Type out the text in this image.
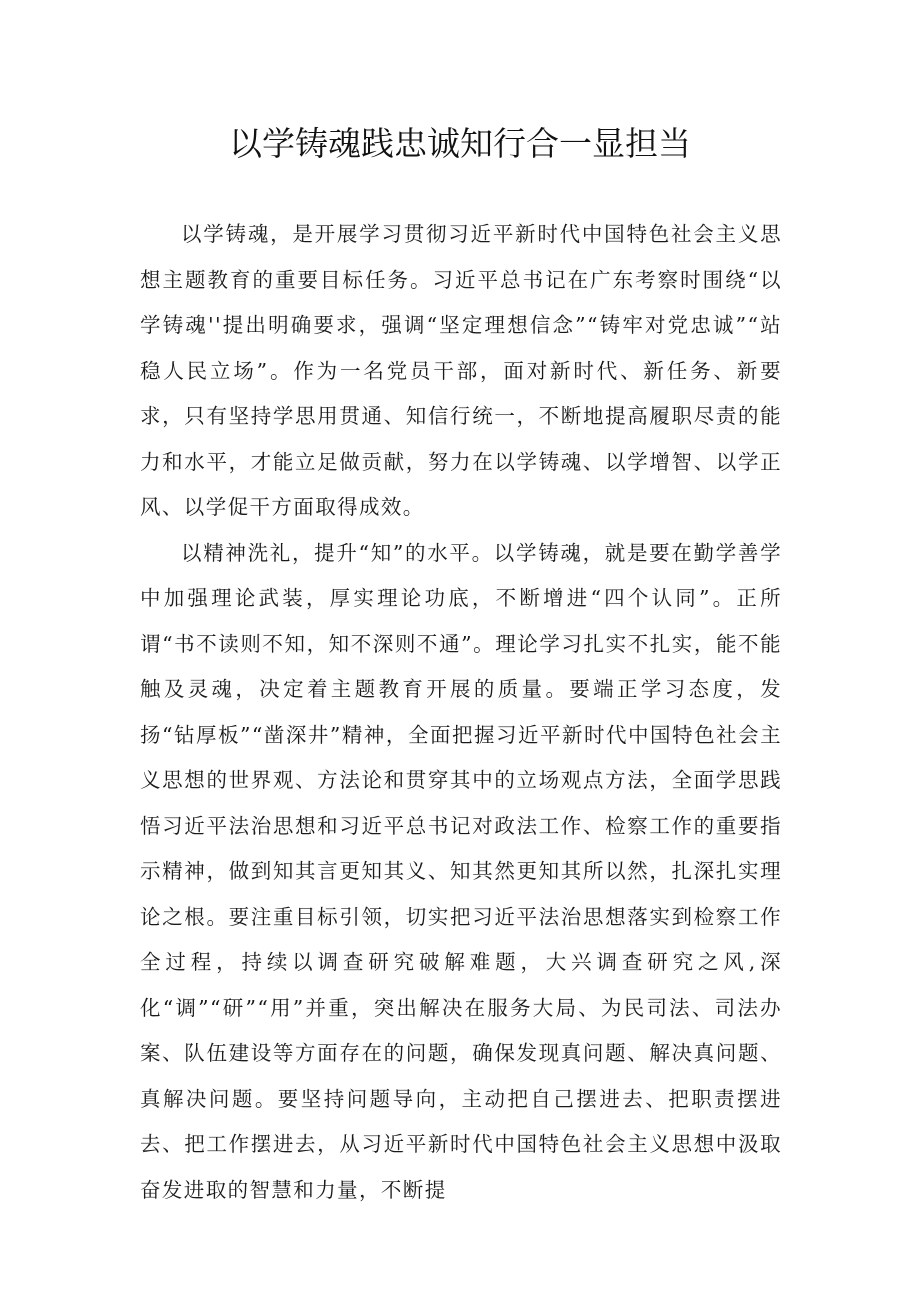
以学铸魂践忠诚知行合一显担当

以学铸魂，是开展学习贯彻习近平新时代中国特色社会主义思想主题教育的重要目标任务。习近平总书记在广东考察时围绕“以学铸魂''提出明确要求，强调“坚定理想信念”“铸牢对党忠诚”“站稳人民立场”。作为一名党员干部，面对新时代、新任务、新要求，只有坚持学思用贯通、知信行统一，不断地提高履职尽责的能力和水平，才能立足做贡献，努力在以学铸魂、以学增智、以学正风、以学促干方面取得成效。

以精神洗礼，提升“知”的水平。以学铸魂，就是要在勤学善学中加强理论武装，厚实理论功底，不断增进“四个认同”。正所谓“书不读则不知，知不深则不通”。理论学习扎实不扎实，能不能触及灵魂，决定着主题教育开展的质量。要端正学习态度，发扬“钻厚板”“凿深井”精神，全面把握习近平新时代中国特色社会主义思想的世界观、方法论和贯穿其中的立场观点方法，全面学思践悟习近平法治思想和习近平总书记对政法工作、检察工作的重要指示精神，做到知其言更知其义、知其然更知其所以然，扎深扎实理论之根。要注重目标引领，切实把习近平法治思想落实到检察工作全过程，持续以调查研究破解难题，大兴调查研究之风,深化“调”“研”“用”并重，突出解决在服务大局、为民司法、司法办案、队伍建设等方面存在的问题，确保发现真问题、解决真问题、真解决问题。要坚持问题导向，主动把自己摆进去、把职责摆进去、把工作摆进去，从习近平新时代中国特色社会主义思想中汲取奋发进取的智慧和力量，不断提
